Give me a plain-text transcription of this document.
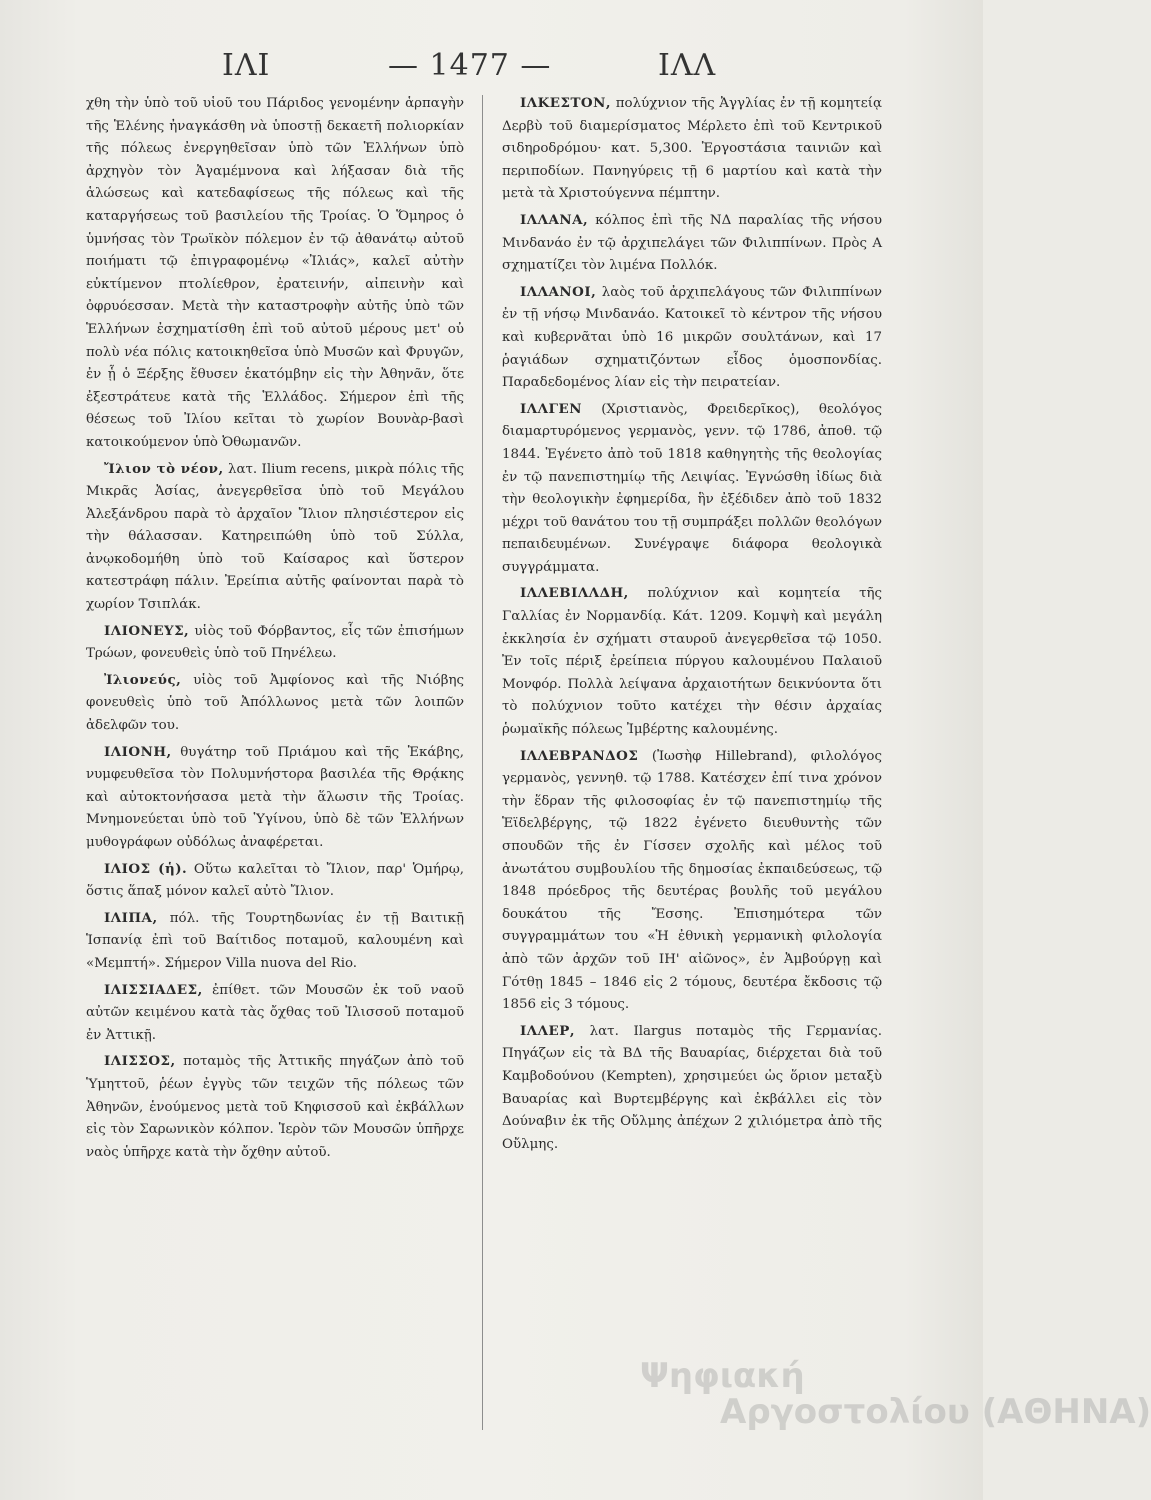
ΙΛΙ	— 1477 —	ΙΛΛ

χθη τὴν ὑπὸ τοῦ υἱοῦ του Πάριδος γενομένην ἁρπαγὴν τῆς Ἑλένης ἠναγκάσθη νὰ ὑποστῇ δεκαετῆ πολιορκίαν τῆς πόλεως ἐνεργηθεῖσαν ὑπὸ τῶν Ἑλλήνων ὑπὸ ἀρχηγὸν τὸν Ἀγαμέμνονα καὶ λήξασαν διὰ τῆς ἁλώσεως καὶ κατεδαφίσεως τῆς πόλεως καὶ τῆς καταργήσεως τοῦ βασιλείου τῆς Τροίας. Ὁ Ὅμηρος ὁ ὑμνήσας τὸν Τρωϊκὸν πόλεμον ἐν τῷ ἀθανάτῳ αὐτοῦ ποιήματι τῷ ἐπιγραφομένῳ «Ἰλιάς», καλεῖ αὐτὴν εὐκτίμενον πτολίεθρον, ἐρατεινήν, αἰπεινὴν καὶ ὀφρυόεσσαν. Μετὰ τὴν καταστροφὴν αὐτῆς ὑπὸ τῶν Ἑλλήνων ἐσχηματίσθη ἐπὶ τοῦ αὐτοῦ μέρους μετ' οὐ πολὺ νέα πόλις κατοικηθεῖσα ὑπὸ Μυσῶν καὶ Φρυγῶν, ἐν ᾗ ὁ Ξέρξης ἔθυσεν ἑκατόμβην εἰς τὴν Ἀθηνᾶν, ὅτε ἐξεστράτευε κατὰ τῆς Ἑλλάδος. Σήμερον ἐπὶ τῆς θέσεως τοῦ Ἰλίου κεῖται τὸ χωρίον Βουνὰρ-βασὶ κατοικούμενον ὑπὸ Ὀθωμανῶν.

Ἴλιον τὸ νέον, λατ. Ilium recens, μικρὰ πόλις τῆς Μικρᾶς Ἀσίας, ἀνεγερθεῖσα ὑπὸ τοῦ Μεγάλου Ἀλεξάνδρου παρὰ τὸ ἀρχαῖον Ἴλιον πλησιέστερον εἰς τὴν θάλασσαν. Κατηρειπώθη ὑπὸ τοῦ Σύλλα, ἀνῳκοδομήθη ὑπὸ τοῦ Καίσαρος καὶ ὕστερον κατεστράφη πάλιν. Ἐρείπια αὐτῆς φαίνονται παρὰ τὸ χωρίον Τσιπλάκ.

ΙΛΙΟΝΕΥΣ, υἱὸς τοῦ Φόρβαντος, εἷς τῶν ἐπισήμων Τρώων, φονευθεὶς ὑπὸ τοῦ Πηνέλεω.

Ἰλιονεύς, υἱὸς τοῦ Ἀμφίονος καὶ τῆς Νιόβης φονευθεὶς ὑπὸ τοῦ Ἀπόλλωνος μετὰ τῶν λοιπῶν ἀδελφῶν του.

ΙΛΙΟΝΗ, θυγάτηρ τοῦ Πριάμου καὶ τῆς Ἑκάβης, νυμφευθεῖσα τὸν Πολυμνήστορα βασιλέα τῆς Θρᾴκης καὶ αὐτοκτονήσασα μετὰ τὴν ἅλωσιν τῆς Τροίας. Μνημονεύεται ὑπὸ τοῦ Ὑγίνου, ὑπὸ δὲ τῶν Ἑλλήνων μυθογράφων οὐδόλως ἀναφέρεται.

ΙΛΙΟΣ (ἡ). Οὕτω καλεῖται τὸ Ἴλιον, παρ' Ὁμήρῳ, ὅστις ἅπαξ μόνον καλεῖ αὐτὸ Ἴλιον.

ΙΛΙΠΑ, πόλ. τῆς Τουρτηδωνίας ἐν τῇ Βαιτικῇ Ἱσπανίᾳ ἐπὶ τοῦ Βαίτιδος ποταμοῦ, καλουμένη καὶ «Μεμπτή». Σήμερον Villa nuova del Rio.

ΙΛΙΣΣΙΑΔΕΣ, ἐπίθετ. τῶν Μουσῶν ἐκ τοῦ ναοῦ αὐτῶν κειμένου κατὰ τὰς ὄχθας τοῦ Ἰλισσοῦ ποταμοῦ ἐν Ἀττικῇ.

ΙΛΙΣΣΟΣ, ποταμὸς τῆς Ἀττικῆς πηγάζων ἀπὸ τοῦ Ὑμηττοῦ, ῥέων ἐγγὺς τῶν τειχῶν τῆς πόλεως τῶν Ἀθηνῶν, ἑνούμενος μετὰ τοῦ Κηφισσοῦ καὶ ἐκβάλλων εἰς τὸν Σαρωνικὸν κόλπον. Ἱερὸν τῶν Μουσῶν ὑπῆρχε ναὸς ὑπῆρχε κατὰ τὴν ὄχθην αὐτοῦ.

ΙΛΚΕΣΤΟΝ, πολύχνιον τῆς Ἀγγλίας ἐν τῇ κομητείᾳ Δερβὺ τοῦ διαμερίσματος Μέρλετο ἐπὶ τοῦ Κεντρικοῦ σιδηροδρόμου· κατ. 5,300. Ἐργοστάσια ταινιῶν καὶ περιποδίων. Πανηγύρεις τῇ 6 μαρτίου καὶ κατὰ τὴν μετὰ τὰ Χριστούγεννα πέμπτην.

ΙΛΛΑΝΑ, κόλπος ἐπὶ τῆς ΝΔ παραλίας τῆς νήσου Μινδανάο ἐν τῷ ἀρχιπελάγει τῶν Φιλιππίνων. Πρὸς Α σχηματίζει τὸν λιμένα Πολλόκ.

ΙΛΛΑΝΟΙ, λαὸς τοῦ ἀρχιπελάγους τῶν Φιλιππίνων ἐν τῇ νήσῳ Μινδανάο. Κατοικεῖ τὸ κέντρον τῆς νήσου καὶ κυβερνᾶται ὑπὸ 16 μικρῶν σουλτάνων, καὶ 17 ῥαγιάδων σχηματιζόντων εἶδος ὁμοσπονδίας. Παραδεδομένος λίαν εἰς τὴν πειρατείαν.

ΙΛΛΓΕΝ (Χριστιανὸς, Φρειδερῖκος), θεολόγος διαμαρτυρόμενος γερμανὸς, γενν. τῷ 1786, ἀποθ. τῷ 1844. Ἐγένετο ἀπὸ τοῦ 1818 καθηγητὴς τῆς θεολογίας ἐν τῷ πανεπιστημίῳ τῆς Λειψίας. Ἐγνώσθη ἰδίως διὰ τὴν θεολογικὴν ἐφημερίδα, ἣν ἐξέδιδεν ἀπὸ τοῦ 1832 μέχρι τοῦ θανάτου του τῇ συμπράξει πολλῶν θεολόγων πεπαιδευμένων. Συνέγραψε διάφορα θεολογικὰ συγγράμματα.

ΙΛΛΕΒΙΛΛΔΗ, πολύχνιον καὶ κομητεία τῆς Γαλλίας ἐν Νορμανδίᾳ. Κάτ. 1209. Κομψὴ καὶ μεγάλη ἐκκλησία ἐν σχήματι σταυροῦ ἀνεγερθεῖσα τῷ 1050. Ἐν τοῖς πέριξ ἐρείπεια πύργου καλουμένου Παλαιοῦ Μονφόρ. Πολλὰ λείψανα ἀρχαιοτήτων δεικνύοντα ὅτι τὸ πολύχνιον τοῦτο κατέχει τὴν θέσιν ἀρχαίας ῥωμαϊκῆς πόλεως Ἰμβέρτης καλουμένης.

ΙΛΛΕΒΡΑΝΔΟΣ (Ἰωσὴφ Hillebrand), φιλολόγος γερμανὸς, γεννηθ. τῷ 1788. Κατέσχεν ἐπί τινα χρόνον τὴν ἕδραν τῆς φιλοσοφίας ἐν τῷ πανεπιστημίῳ τῆς Ἑϊδελβέργης, τῷ 1822 ἐγένετο διευθυντὴς τῶν σπουδῶν τῆς ἐν Γίσσεν σχολῆς καὶ μέλος τοῦ ἀνωτάτου συμβουλίου τῆς δημοσίας ἐκπαιδεύσεως, τῷ 1848 πρόεδρος τῆς δευτέρας βουλῆς τοῦ μεγάλου δουκάτου τῆς Ἔσσης. Ἐπισημότερα τῶν συγγραμμάτων του «Ἡ ἐθνικὴ γερμανικὴ φιλολογία ἀπὸ τῶν ἀρχῶν τοῦ ΙΗ' αἰῶνος», ἐν Ἀμβούργῃ καὶ Γότθῃ 1845 – 1846 εἰς 2 τόμους, δευτέρα ἔκδοσις τῷ 1856 εἰς 3 τόμους.

ΙΛΛΕΡ, λατ. Ilargus ποταμὸς τῆς Γερμανίας. Πηγάζων εἰς τὰ ΒΔ τῆς Βαυαρίας, διέρχεται διὰ τοῦ Καμβοδούνου (Kempten), χρησιμεύει ὡς ὅριον μεταξὺ Βαυαρίας καὶ Βυρτεμβέργης καὶ ἐκβάλλει εἰς τὸν Δούναβιν ἐκ τῆς Οὔλμης ἀπέχων 2 χιλιόμετρα ἀπὸ τῆς Οὔλμης.

Ψηφιακή
Αργοστολίου (ΑΘΗΝΑ)
